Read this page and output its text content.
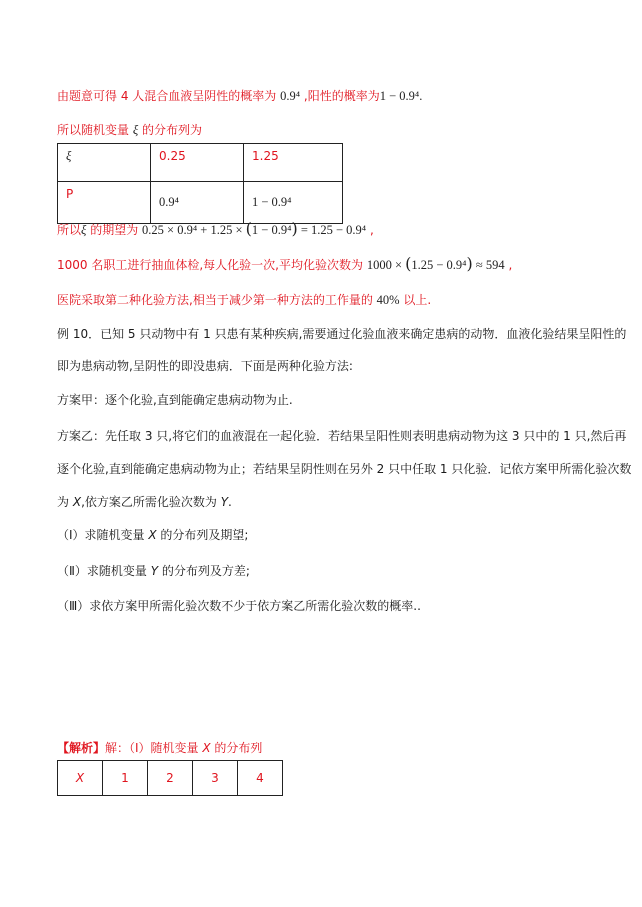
由题意可得 4 人混合血液呈阴性的概率为 0.9⁴ ,阳性的概率为1 − 0.9⁴.
所以随机变量 ξ 的分布列为
ξ	0.25	1.25
P	0.9⁴	1 − 0.9⁴
所以ξ 的期望为 0.25 × 0.9⁴ + 1.25 × (1 − 0.9⁴) = 1.25 − 0.9⁴ ,
1000 名职工进行抽血体检,每人化验一次,平均化验次数为 1000 × (1.25 − 0.9⁴) ≈ 594 ,
医院采取第二种化验方法,相当于减少第一种方法的工作量的 40% 以上.
例 10．已知 5 只动物中有 1 只患有某种疾病,需要通过化验血液来确定患病的动物．血液化验结果呈阳性的
即为患病动物,呈阴性的即没患病．下面是两种化验方法:
方案甲：逐个化验,直到能确定患病动物为止.
方案乙：先任取 3 只,将它们的血液混在一起化验．若结果呈阳性则表明患病动物为这 3 只中的 1 只,然后再
逐个化验,直到能确定患病动物为止；若结果呈阴性则在另外 2 只中任取 1 只化验．记依方案甲所需化验次数
为 X,依方案乙所需化验次数为 Y.
（Ⅰ）求随机变量 X 的分布列及期望;
（Ⅱ）求随机变量 Y 的分布列及方差;
（Ⅲ）求依方案甲所需化验次数不少于依方案乙所需化验次数的概率..
【解析】解：（Ⅰ）随机变量 X 的分布列
X	1	2	3	4
